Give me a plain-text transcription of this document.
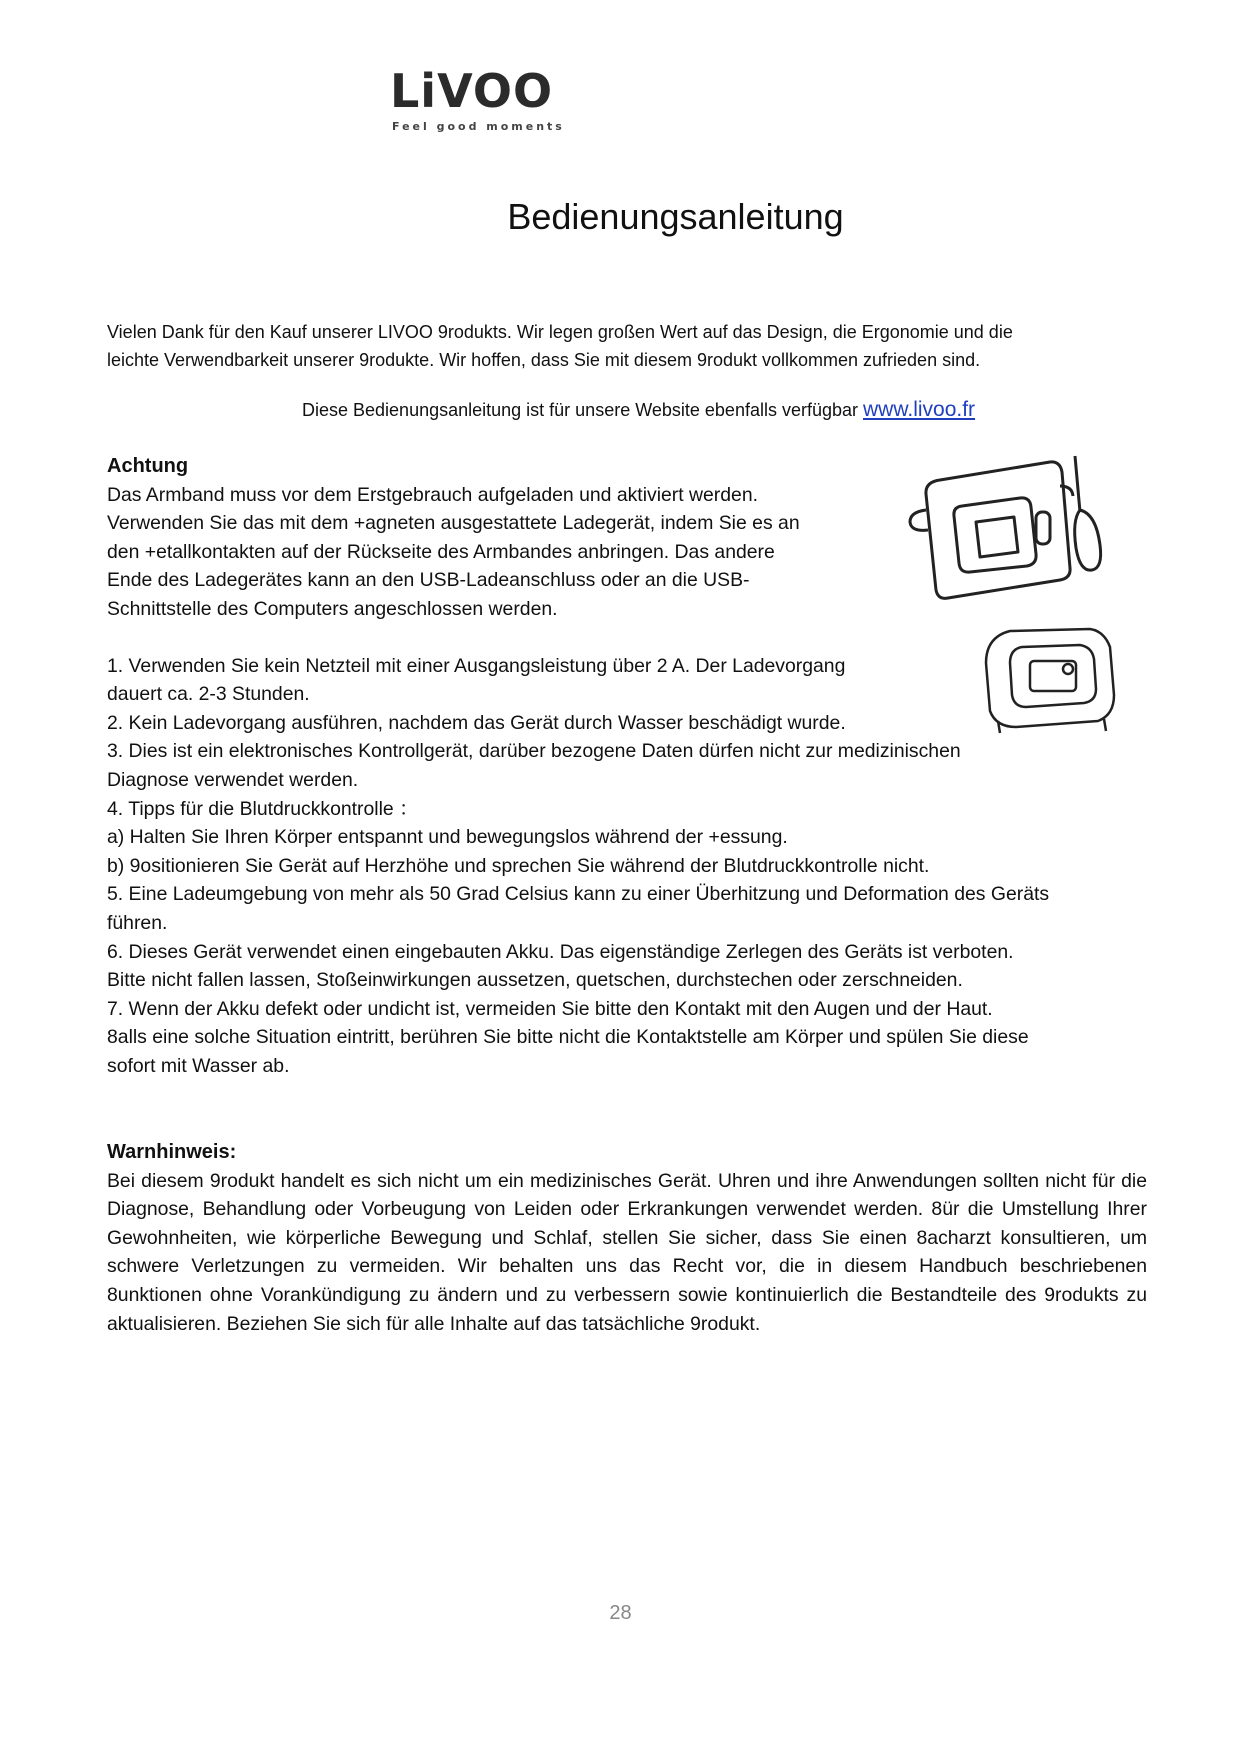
LiVOO
Feel good moments
Bedienungsanleitung
Vielen Dank für den Kauf unserer LIVOO 9rodukts. Wir legen großen Wert auf das Design, die Ergonomie und die
leichte Verwendbarkeit unserer 9rodukte. Wir hoffen, dass Sie mit diesem 9rodukt vollkommen zufrieden sind.
Diese Bedienungsanleitung ist für unsere Website ebenfalls verfügbar www.livoo.fr
Achtung

Das Armband muss vor dem Erstgebrauch aufgeladen und aktiviert werden.

Verwenden Sie das mit dem +agneten ausgestattete Ladegerät, indem Sie es an

den +etallkontakten auf der Rückseite des Armbandes anbringen. Das andere

Ende des Ladegerätes kann an den USB-Ladeanschluss oder an die USB-

Schnittstelle des Computers angeschlossen werden.

1. Verwenden Sie kein Netzteil mit einer Ausgangsleistung über 2 A. Der Ladevorgang

dauert ca. 2-3 Stunden.

2. Kein Ladevorgang ausführen, nachdem das Gerät durch Wasser beschädigt wurde.

3. Dies ist ein elektronisches Kontrollgerät, darüber bezogene Daten dürfen nicht zur medizinischen

Diagnose verwendet werden.

4. Tipps für die Blutdruckkontrolle ：

a) Halten Sie Ihren Körper entspannt und bewegungslos während der +essung.

b) 9ositionieren Sie Gerät auf Herzhöhe und sprechen Sie während der Blutdruckkontrolle nicht.

5. Eine Ladeumgebung von mehr als 50 Grad Celsius kann zu einer Überhitzung und Deformation des Geräts

führen.

6. Dieses Gerät verwendet einen eingebauten Akku. Das eigenständige Zerlegen des Geräts ist verboten.

Bitte nicht fallen lassen, Stoßeinwirkungen aussetzen, quetschen, durchstechen oder zerschneiden.

7. Wenn der Akku defekt oder undicht ist, vermeiden Sie bitte den Kontakt mit den Augen und der Haut.

8alls eine solche Situation eintritt, berühren Sie bitte nicht die Kontaktstelle am Körper und spülen Sie diese

sofort mit Wasser ab.

Warnhinweis:

Bei diesem 9rodukt handelt es sich nicht um ein medizinisches Gerät. Uhren und ihre Anwendungen sollten nicht für die Diagnose, Behandlung oder Vorbeugung von Leiden oder Erkrankungen verwendet werden. 8ür die Umstellung Ihrer Gewohnheiten, wie körperliche Bewegung und Schlaf, stellen Sie sicher, dass Sie einen 8acharzt konsultieren, um schwere Verletzungen zu vermeiden. Wir behalten uns das Recht vor, die in diesem Handbuch beschriebenen 8unktionen ohne Vorankündigung zu ändern und zu verbessern sowie kontinuierlich die Bestandteile des 9rodukts zu aktualisieren. Beziehen Sie sich für alle Inhalte auf das tatsächliche 9rodukt.

28
